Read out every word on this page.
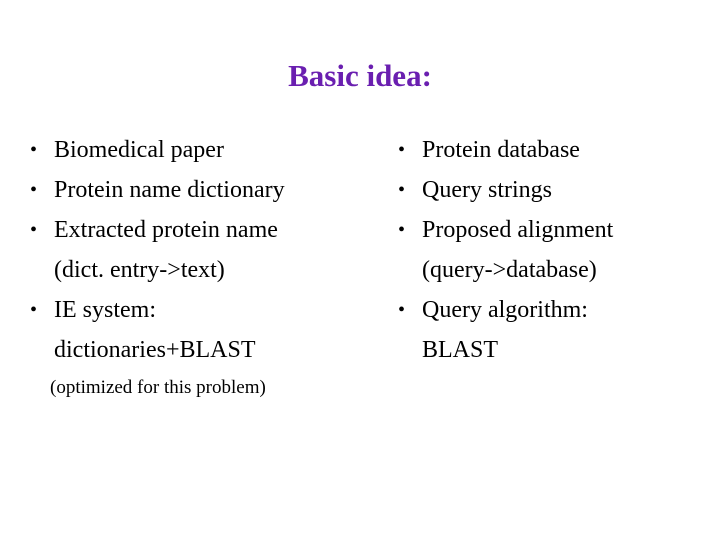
Basic idea:
• Biomedical paper
• Protein name dictionary
• Extracted protein name
(dict. entry->text)
• IE system:
dictionaries+BLAST
(optimized for this problem)
• Protein database
• Query strings
• Proposed alignment
(query->database)
• Query algorithm:
BLAST
